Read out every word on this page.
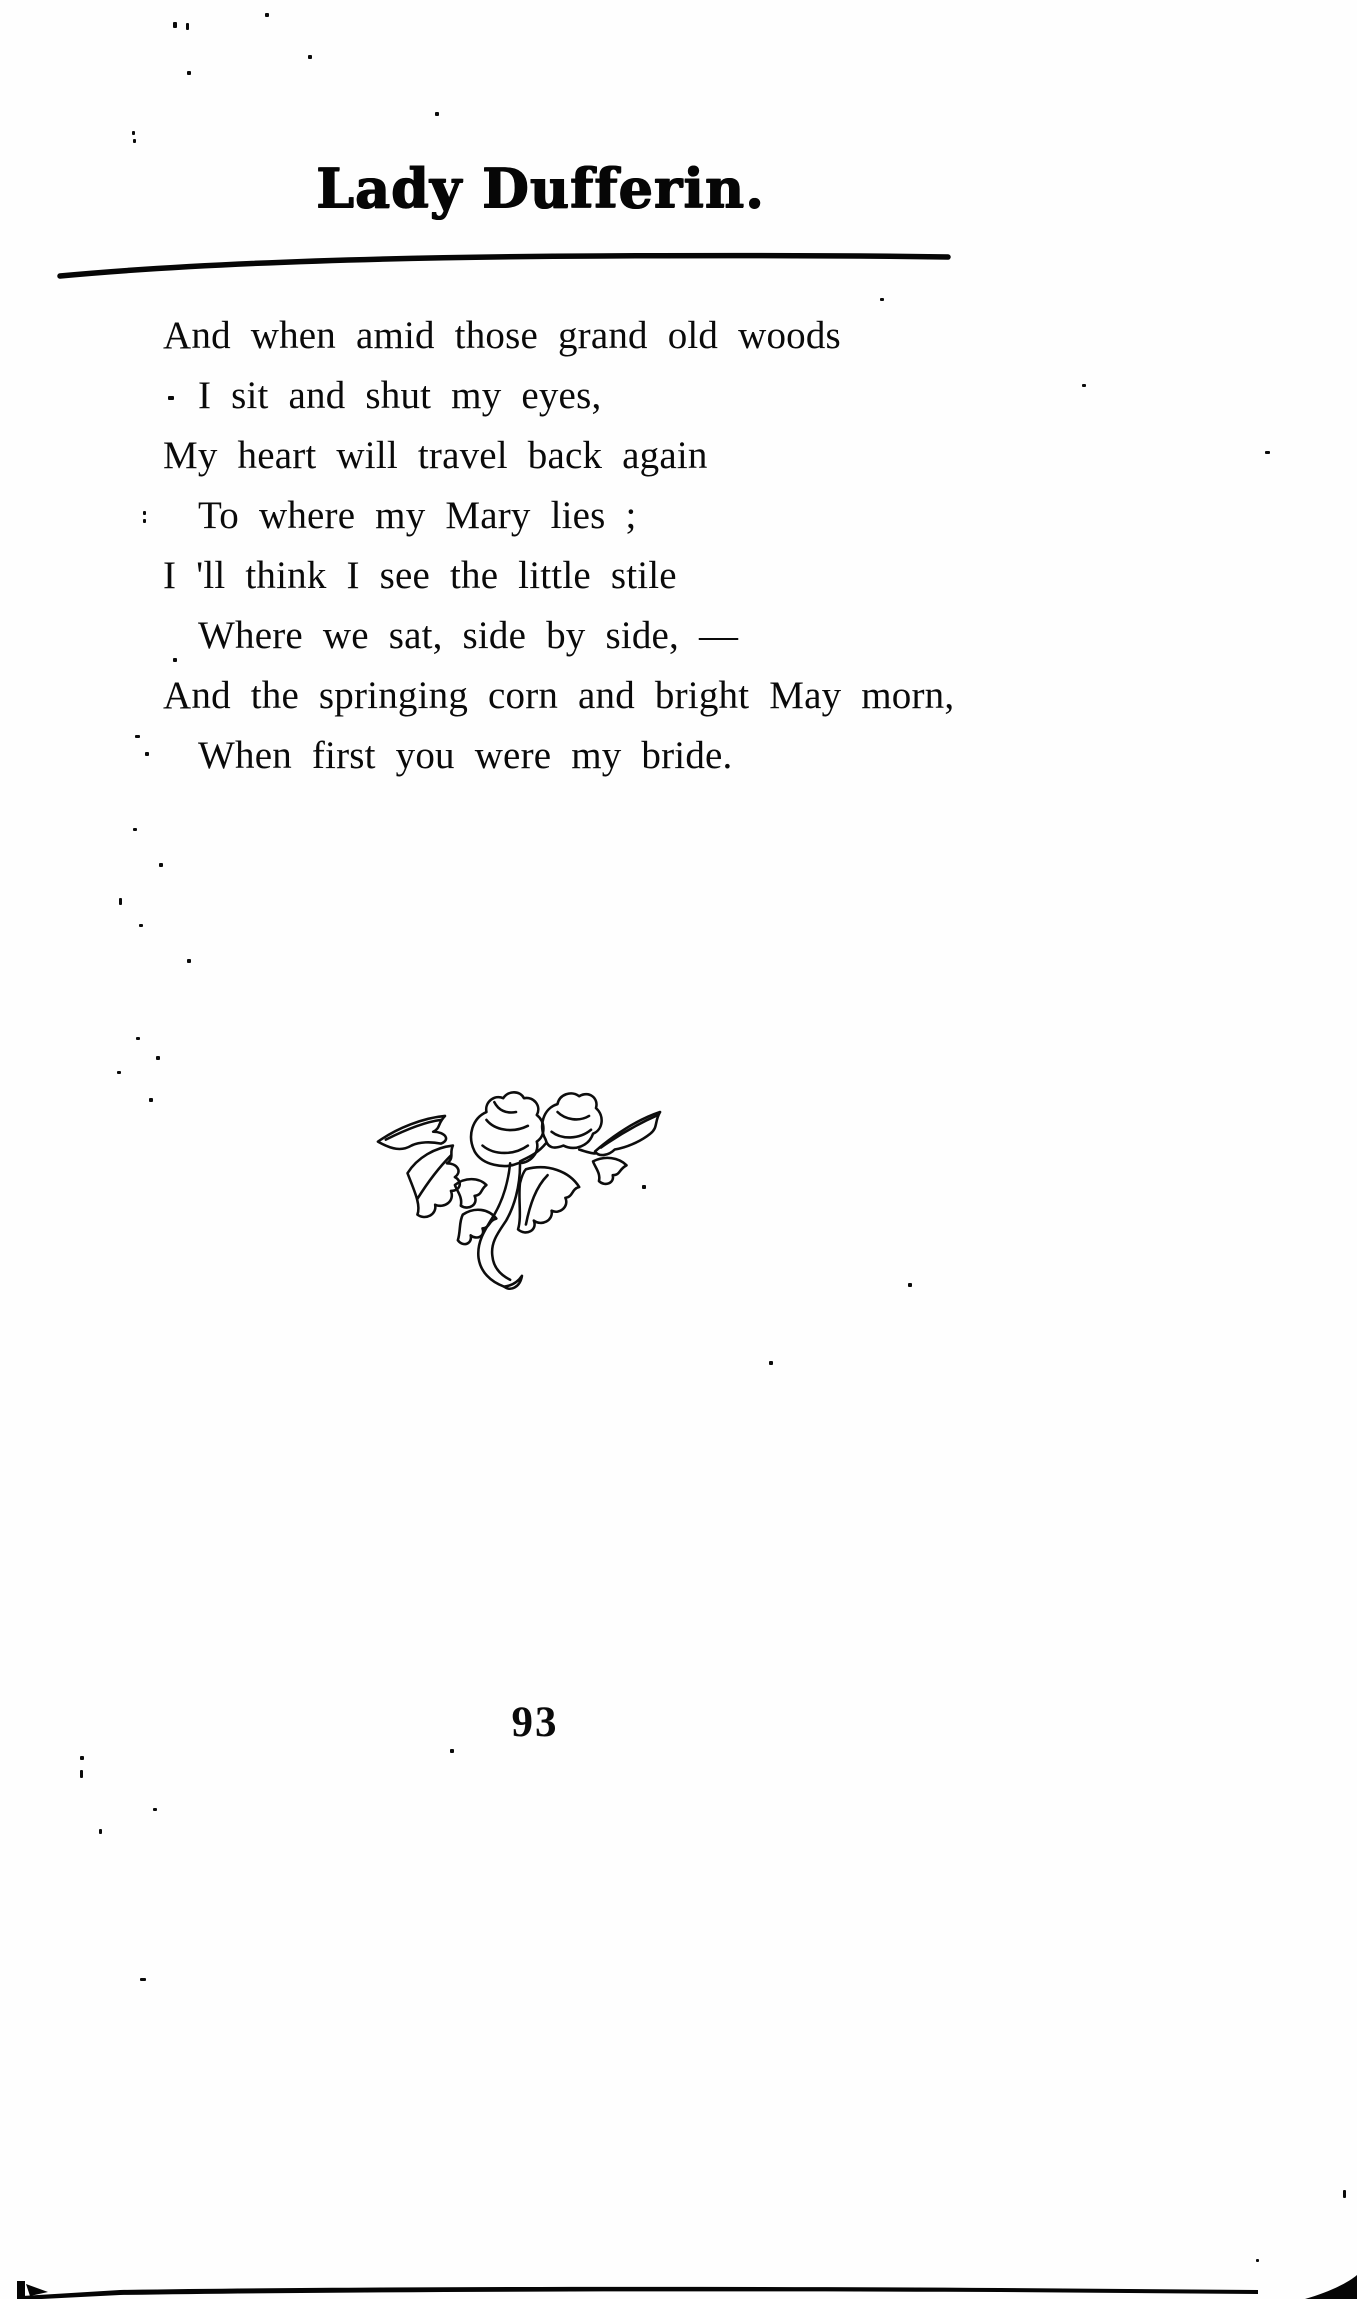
Lady Dufferin.
And when amid those grand old woods
I sit and shut my eyes,
My heart will travel back again
To where my Mary lies ;
I 'll think I see the little stile
Where we sat, side by side, —
And the springing corn and bright May morn,
When first you were my bride.
93
